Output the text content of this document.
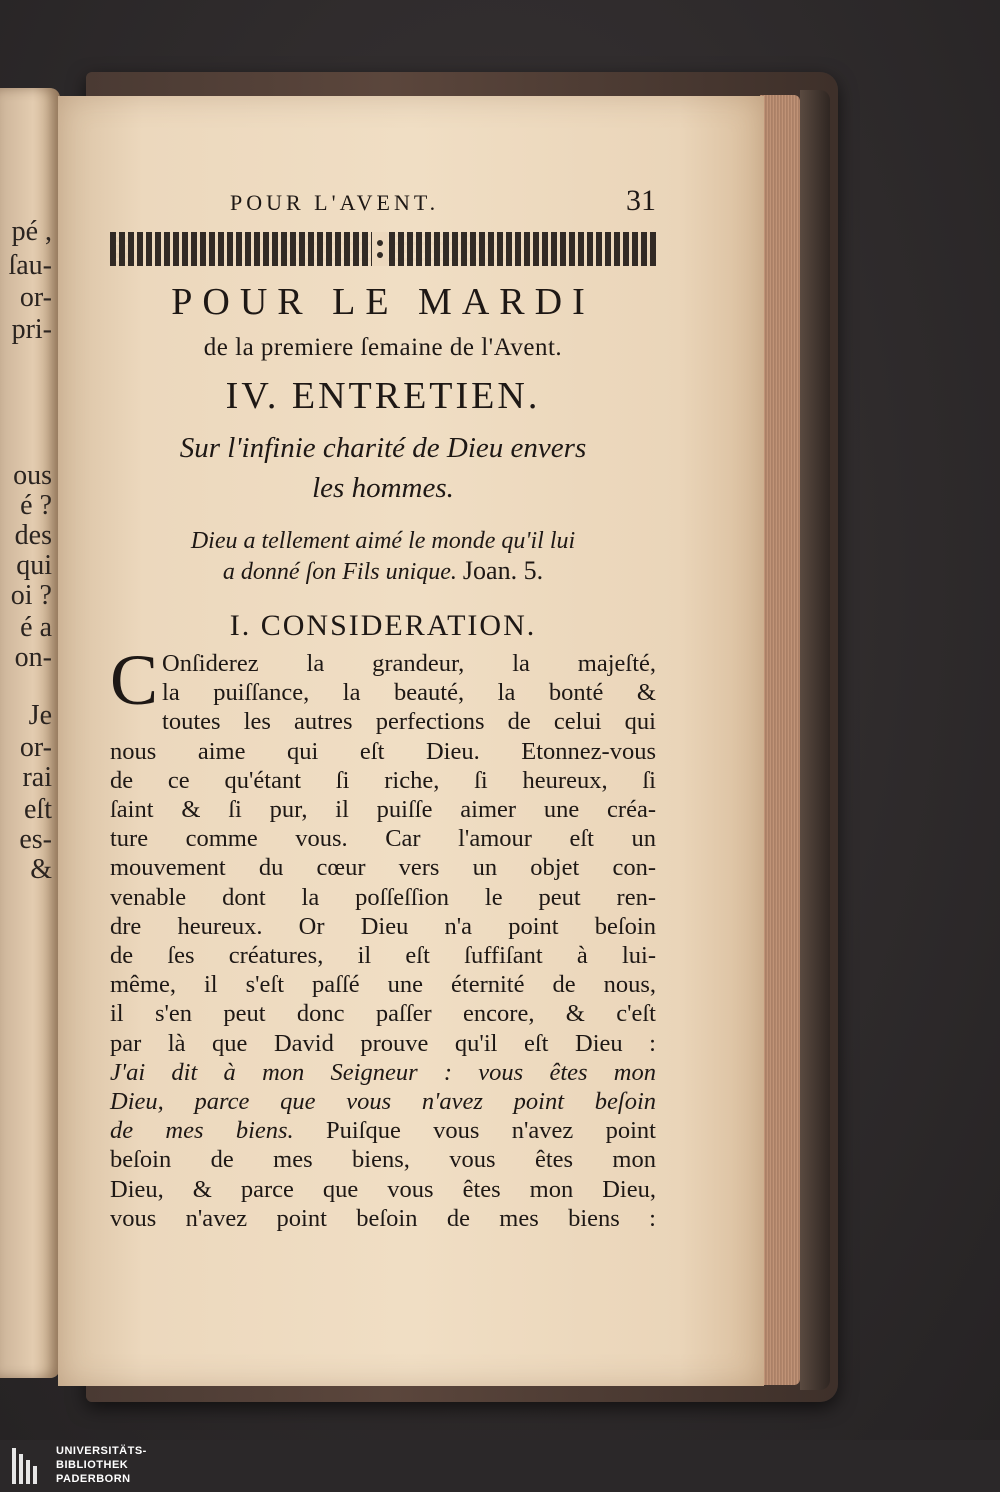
pé ,
ſau-
or-
pri-
ous
é ?
des
qui
oi ?
é a
on-
Je
or-
rai
eſt
es-
&
POUR L'AVENT.	31
POUR LE MARDI
de la premiere ſemaine de l'Avent.
IV. ENTRETIEN.
Sur l'infinie charité de Dieu envers
les hommes.
Dieu a tellement aimé le monde qu'il lui
a donné ſon Fils unique. Joan. 5.
I. CONSIDERATION.
C Onſiderez la grandeur, la majeſté,
la puiſſance, la beauté, la bonté &
toutes les autres perfections de celui qui
nous aime qui eſt Dieu. Etonnez-vous
de ce qu'étant ſi riche, ſi heureux, ſi
ſaint & ſi pur, il puiſſe aimer une créa-
ture comme vous. Car l'amour eſt un
mouvement du cœur vers un objet con-
venable dont la poſſeſſion le peut ren-
dre heureux. Or Dieu n'a point beſoin
de ſes créatures, il eſt ſuffiſant à lui-
même, il s'eſt paſſé une éternité de nous,
il s'en peut donc paſſer encore, & c'eſt
par là que David prouve qu'il eſt Dieu :
J'ai dit à mon Seigneur : vous êtes mon
Dieu, parce que vous n'avez point beſoin
de mes biens. Puiſque vous n'avez point
beſoin de mes biens, vous êtes mon
Dieu, & parce que vous êtes mon Dieu,
vous n'avez point beſoin de mes biens :
UNIVERSITÄTS-
BIBLIOTHEK
PADERBORN
